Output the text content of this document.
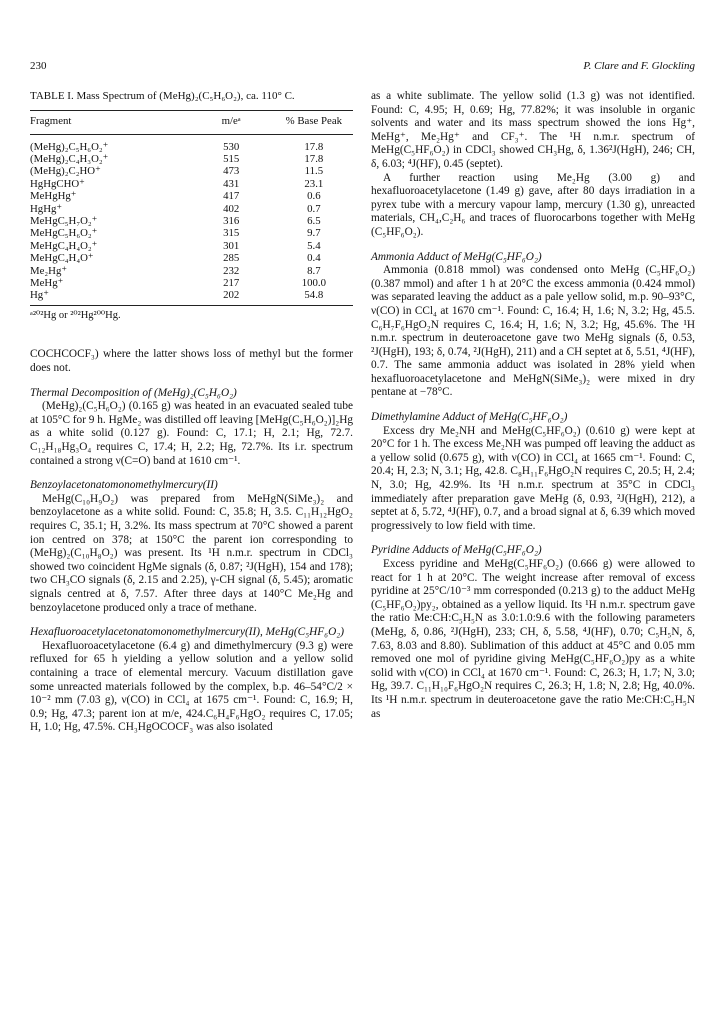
230	P. Clare and F. Glockling
TABLE I. Mass Spectrum of (MeHg)₂(C₅H₆O₂), ca. 110° C.
Fragment	m/eᵃ	% Base Peak
(MeHg)₂C₅H₆O₂⁺	530	17.8
(MeHg)₂C₄H₃O₂⁺	515	17.8
(MeHg)₂C₂HO⁺	473	11.5
HgHgCHO⁺	431	23.1
MeHgHg⁺	417	0.6
HgHg⁺	402	0.7
MeHgC₅H₇O₂⁺	316	6.5
MeHgC₅H₆O₂⁺	315	9.7
MeHgC₄H₄O₂⁺	301	5.4
MeHgC₄H₄O⁺	285	0.4
Me₂Hg⁺	232	8.7
MeHg⁺	217	100.0
Hg⁺	202	54.8
ᵃ²⁰²Hg or ²⁰²Hg²⁰⁰Hg.

COCHCOCF₃) where the latter shows loss of methyl but the former does not.

Thermal Decomposition of (MeHg)₂(C₅H₆O₂)

(MeHg)₂(C₅H₆O₂) (0.165 g) was heated in an evacuated sealed tube at 105°C for 9 h. HgMe₂ was distilled off leaving [MeHg(C₅H₆O₂)]₂Hg as a white solid (0.127 g). Found: C, 17.1; H, 2.1; Hg, 72.7. C₁₂H₁₈Hg₃O₄ requires C, 17.4; H, 2.2; Hg, 72.7%. Its i.r. spectrum contained a strong ν(C=O) band at 1610 cm⁻¹.

Benzoylacetonatomonomethylmercury(II)

MeHg(C₁₀H₉O₂) was prepared from MeHgN(SiMe₃)₂ and benzoylacetone as a white solid. Found: C, 35.8; H, 3.5. C₁₁H₁₂HgO₂ requires C, 35.1; H, 3.2%. Its mass spectrum at 70°C showed a parent ion centred on 378; at 150°C the parent ion corresponding to (MeHg)₂(C₁₀H₈O₂) was present. Its ¹H n.m.r. spectrum in CDCl₃ showed two coincident HgMe signals (δ, 0.87; ²J(HgH), 154 and 178); two CH₃CO signals (δ, 2.15 and 2.25), γ-CH signal (δ, 5.45); aromatic signals centred at δ, 7.57. After three days at 140°C Me₂Hg and benzoylacetone produced only a trace of methane.

Hexafluoroacetylacetonatomonomethylmercury(II), MeHg(C₅HF₆O₂)

Hexafluoroacetylacetone (6.4 g) and dimethylmercury (9.3 g) were refluxed for 65 h yielding a yellow solution and a yellow solid containing a trace of elemental mercury. Vacuum distillation gave some unreacted materials followed by the complex, b.p. 46–54°C/2 × 10⁻² mm (7.03 g), ν(CO) in CCl₄ at 1675 cm⁻¹. Found: C, 16.9; H, 0.9; Hg, 47.3; parent ion at m/e, 424.C₆H₄F₆HgO₂ requires C, 17.05; H, 1.0; Hg, 47.5%. CH₃HgOCOCF₃ was also isolated

as a white sublimate. The yellow solid (1.3 g) was not identified. Found: C, 4.95; H, 0.69; Hg, 77.82%; it was insoluble in organic solvents and water and its mass spectrum showed the ions Hg⁺, MeHg⁺, Me₂Hg⁺ and CF₃⁺. The ¹H n.m.r. spectrum of MeHg(C₅HF₆O₂) in CDCl₃ showed CH₃Hg, δ, 1.36²J(HgH), 246; CH, δ, 6.03; ⁴J(HF), 0.45 (septet).

A further reaction using Me₂Hg (3.00 g) and hexafluoroacetylacetone (1.49 g) gave, after 80 days irradiation in a pyrex tube with a mercury vapour lamp, mercury (1.30 g), unreacted materials, CH₄,C₂H₆ and traces of fluorocarbons together with MeHg (C₅HF₆O₂).

Ammonia Adduct of MeHg(C₅HF₆O₂)

Ammonia (0.818 mmol) was condensed onto MeHg (C₅HF₆O₂) (0.387 mmol) and after 1 h at 20°C the excess ammonia (0.424 mmol) was separated leaving the adduct as a pale yellow solid, m.p. 90–93°C, ν(CO) in CCl₄ at 1670 cm⁻¹. Found: C, 16.4; H, 1.6; N, 3.2; Hg, 45.5. C₆H₇F₆HgO₂N requires C, 16.4; H, 1.6; N, 3.2; Hg, 45.6%. The ¹H n.m.r. spectrum in deuteroacetone gave two MeHg signals (δ, 0.53, ²J(HgH), 193; δ, 0.74, ²J(HgH), 211) and a CH septet at δ, 5.51, ⁴J(HF), 0.7. The same ammonia adduct was isolated in 28% yield when hexafluoroacetylacetone and MeHgN(SiMe₃)₂ were mixed in dry pentane at −78°C.

Dimethylamine Adduct of MeHg(C₅HF₆O₂)

Excess dry Me₂NH and MeHg(C₅HF₆O₂) (0.610 g) were kept at 20°C for 1 h. The excess Me₂NH was pumped off leaving the adduct as a yellow solid (0.675 g), with ν(CO) in CCl₄ at 1665 cm⁻¹. Found: C, 20.4; H, 2.3; N, 3.1; Hg, 42.8. C₈H₁₁F₆HgO₂N requires C, 20.5; H, 2.4; N, 3.0; Hg, 42.9%. Its ¹H n.m.r. spectrum at 35°C in CDCl₃ immediately after preparation gave MeHg (δ, 0.93, ²J(HgH), 212), a septet at δ, 5.72, ⁴J(HF), 0.7, and a broad signal at δ, 6.39 which moved progressively to low field with time.

Pyridine Adducts of MeHg(C₅HF₆O₂)

Excess pyridine and MeHg(C₅HF₆O₂) (0.666 g) were allowed to react for 1 h at 20°C. The weight increase after removal of excess pyridine at 25°C/10⁻³ mm corresponded (0.213 g) to the adduct MeHg (C₅HF₆O₂)py₂, obtained as a yellow liquid. Its ¹H n.m.r. spectrum gave the ratio Me:CH:C₅H₅N as 3.0:1.0:9.6 with the following parameters (MeHg, δ, 0.86, ²J(HgH), 233; CH, δ, 5.58, ⁴J(HF), 0.70; C₅H₅N, δ, 7.63, 8.03 and 8.80). Sublimation of this adduct at 45°C and 0.05 mm removed one mol of pyridine giving MeHg(C₅HF₆O₂)py as a white solid with ν(CO) in CCl₄ at 1670 cm⁻¹. Found: C, 26.3; H, 1.7; N, 3.0; Hg, 39.7. C₁₁H₁₀F₆HgO₂N requires C, 26.3; H, 1.8; N, 2.8; Hg, 40.0%. Its ¹H n.m.r. spectrum in deuteroacetone gave the ratio Me:CH:C₅H₅N as
